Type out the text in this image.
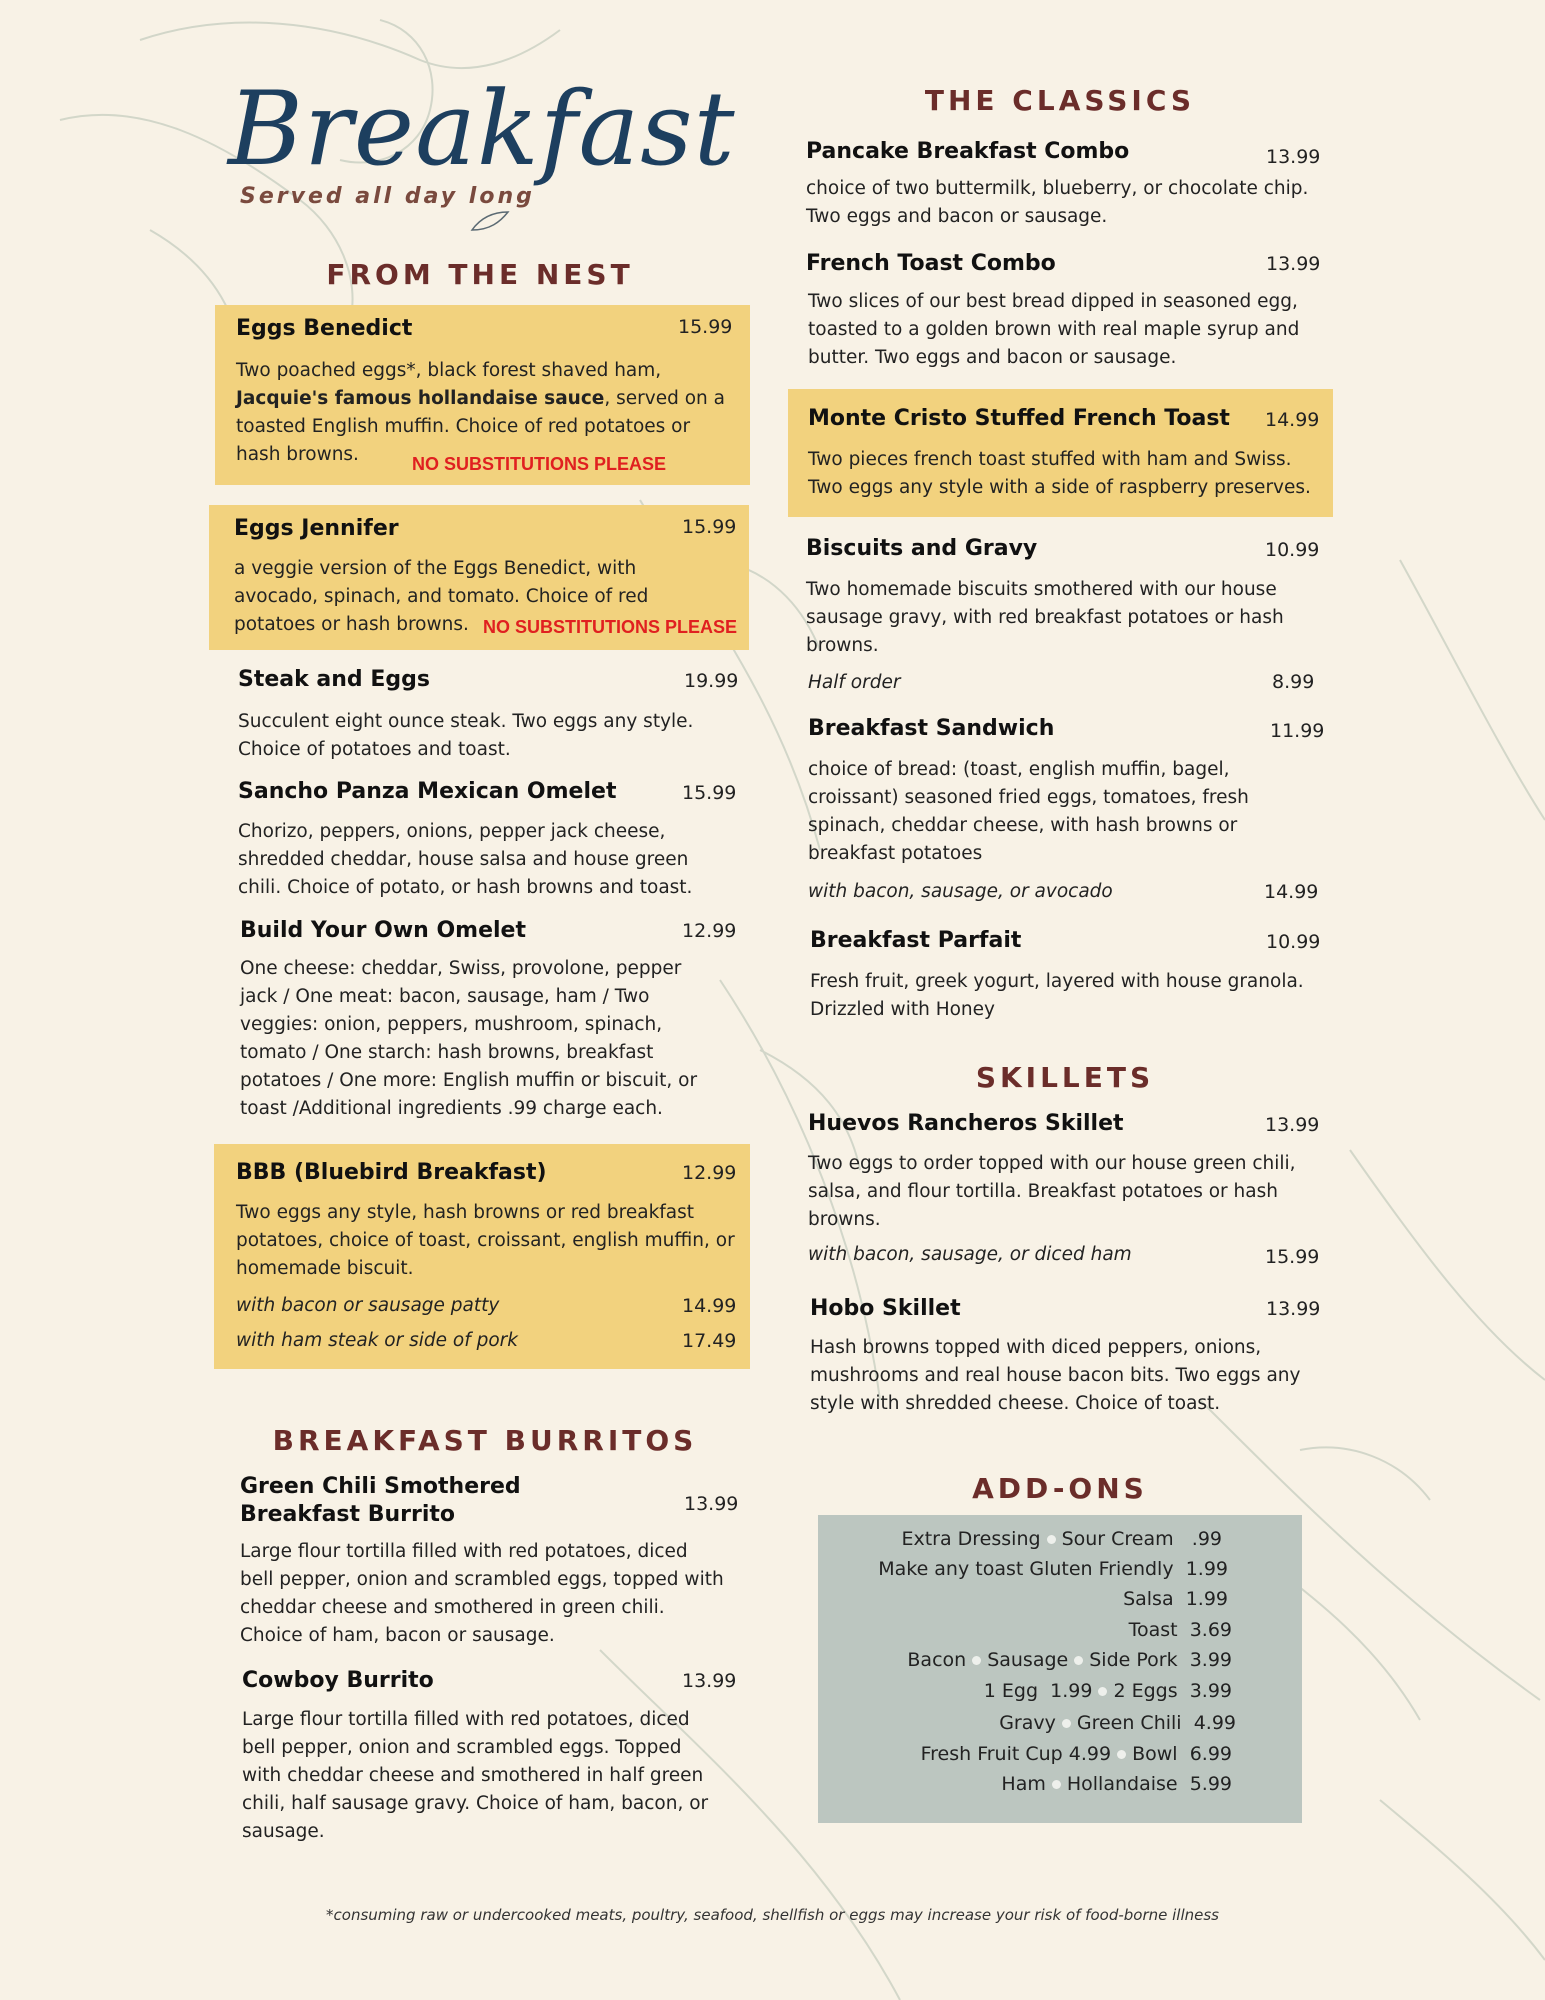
Breakfast
Served all day long
FROM THE NEST
Eggs Benedict	15.99
Two poached eggs*, black forest shaved ham, Jacquie's famous hollandaise sauce, served on a toasted English muffin. Choice of red potatoes or hash browns.	NO SUBSTITUTIONS PLEASE
Eggs Jennifer	15.99
a veggie version of the Eggs Benedict, with avocado, spinach, and tomato. Choice of red potatoes or hash browns. NO SUBSTITUTIONS PLEASE
Steak and Eggs	19.99
Succulent eight ounce steak. Two eggs any style. Choice of potatoes and toast.
Sancho Panza Mexican Omelet	15.99
Chorizo, peppers, onions, pepper jack cheese, shredded cheddar, house salsa and house green chili. Choice of potato, or hash browns and toast.
Build Your Own Omelet	12.99
One cheese: cheddar, Swiss, provolone, pepper jack / One meat: bacon, sausage, ham / Two veggies: onion, peppers, mushroom, spinach, tomato / One starch: hash browns, breakfast potatoes / One more: English muffin or biscuit, or toast /Additional ingredients .99 charge each.
BBB (Bluebird Breakfast)	12.99
Two eggs any style, hash browns or red breakfast potatoes, choice of toast, croissant, english muffin, or homemade biscuit.
with bacon or sausage patty	14.99
with ham steak or side of pork	17.49
BREAKFAST BURRITOS
Green Chili Smothered
Breakfast Burrito	13.99
Large flour tortilla filled with red potatoes, diced bell pepper, onion and scrambled eggs, topped with cheddar cheese and smothered in green chili. Choice of ham, bacon or sausage.
Cowboy Burrito	13.99
Large flour tortilla filled with red potatoes, diced bell pepper, onion and scrambled eggs. Topped with cheddar cheese and smothered in half green chili, half sausage gravy. Choice of ham, bacon, or sausage.
THE CLASSICS
Pancake Breakfast Combo	13.99
choice of two buttermilk, blueberry, or chocolate chip. Two eggs and bacon or sausage.
French Toast Combo	13.99
Two slices of our best bread dipped in seasoned egg, toasted to a golden brown with real maple syrup and butter. Two eggs and bacon or sausage.
Monte Cristo Stuffed French Toast 14.99
Two pieces french toast stuffed with ham and Swiss. Two eggs any style with a side of raspberry preserves.
Biscuits and Gravy	10.99
Two homemade biscuits smothered with our house sausage gravy, with red breakfast potatoes or hash browns.
Half order	8.99
Breakfast Sandwich	11.99
choice of bread: (toast, english muffin, bagel, croissant) seasoned fried eggs, tomatoes, fresh spinach, cheddar cheese, with hash browns or breakfast potatoes
with bacon, sausage, or avocado	14.99
Breakfast Parfait	10.99
Fresh fruit, greek yogurt, layered with house granola. Drizzled with Honey
SKILLETS
Huevos Rancheros Skillet	13.99
Two eggs to order topped with our house green chili, salsa, and flour tortilla. Breakfast potatoes or hash browns.
with bacon, sausage, or diced ham	15.99
Hobo Skillet	13.99
Hash browns topped with diced peppers, onions, mushrooms and real house bacon bits. Two eggs any style with shredded cheese. Choice of toast.
ADD-ONS
Extra Dressing Sour Cream .99
Make any toast Gluten Friendly 1.99
Salsa 1.99
Toast 3.69
Bacon Sausage Side Pork 3.99
1 Egg 1.99 2 Eggs 3.99
Gravy Green Chili 4.99
Fresh Fruit Cup 4.99 Bowl 6.99
Ham Hollandaise 5.99
*consuming raw or undercooked meats, poultry, seafood, shellfish or eggs may increase your risk of food-borne illness
